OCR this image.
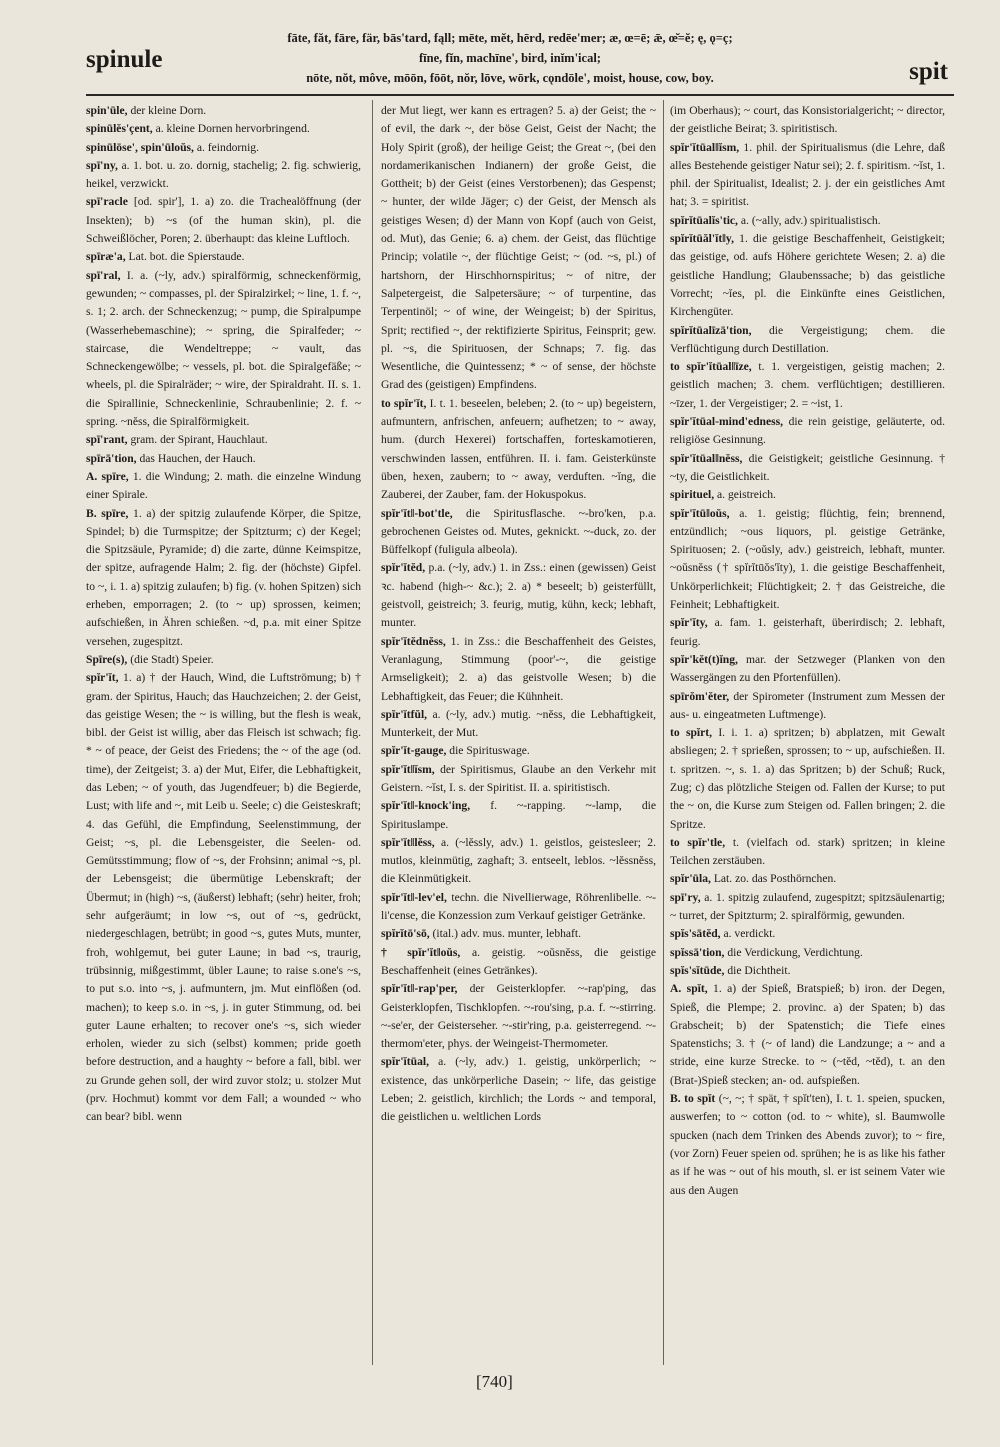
spinule
fāte, făt, fāre, fär, bās'tard, fąll; mēte, mĕt, hērd, redēe'mer; æ, œ=ē; ǣ, œ̆=ĕ; ę, ǫ=ç;
fīne, fĭn, machīne', bird, inĭm'ical;
nōte, nŏt, môve, mōōn, fōōt, nŏr, lōve, wōrk, cǫndōle', moist, house, cow, boy.	spit

spin'ūle, der kleine Dorn.

spinūlĕs'çent, a. kleine Dornen hervorbringend.

spinūlōse', spin'ūloŭs, a. feindornig.

spī'ny, a. 1. bot. u. zo. dornig, stachelig; 2. fig. schwierig, heikel, verzwickt.

spī'racle [od. spir'], 1. a) zo. die Trachealöffnung (der Insekten); b) ~s (of the human skin), pl. die Schweißlöcher, Poren; 2. überhaupt: das kleine Luftloch.

spīræ'a, Lat. bot. die Spierstaude.

spī'ral, I. a. (~ly, adv.) spiralförmig, schneckenförmig, gewunden; ~ compasses, pl. der Spiralzirkel; ~ line, 1. f. ~, s. 1; 2. arch. der Schneckenzug; ~ pump, die Spiralpumpe (Wasserhebemaschine); ~ spring, die Spiralfeder; ~ staircase, die Wendeltreppe; ~ vault, das Schneckengewölbe; ~ vessels, pl. bot. die Spiralgefäße; ~ wheels, pl. die Spiralräder; ~ wire, der Spiraldraht. II. s. 1. die Spirallinie, Schneckenlinie, Schraubenlinie; 2. f. ~ spring. ~nĕss, die Spiralförmigkeit.

spī'rant, gram. der Spirant, Hauchlaut.

spīrā'tion, das Hauchen, der Hauch.

A. spīre, 1. die Windung; 2. math. die einzelne Windung einer Spirale.

B. spīre, 1. a) der spitzig zulaufende Körper, die Spitze, Spindel; b) die Turmspitze; der Spitzturm; c) der Kegel; die Spitzsäule, Pyramide; d) die zarte, dünne Keimspitze, der spitze, aufragende Halm; 2. fig. der (höchste) Gipfel. to ~, i. 1. a) spitzig zulaufen; b) fig. (v. hohen Spitzen) sich erheben, emporragen; 2. (to ~ up) sprossen, keimen; aufschießen, in Ähren schießen. ~d, p.a. mit einer Spitze versehen, zugespitzt.

Spīre(s), (die Stadt) Speier.

spĭr'ĭt, 1. a) † der Hauch, Wind, die Luftströmung; b) † gram. der Spiritus, Hauch; das Hauchzeichen; 2. der Geist, das geistige Wesen; the ~ is willing, but the flesh is weak, bibl. der Geist ist willig, aber das Fleisch ist schwach; fig. * ~ of peace, der Geist des Friedens; the ~ of the age (od. time), der Zeitgeist; 3. a) der Mut, Eifer, die Lebhaftigkeit, das Leben; ~ of youth, das Jugendfeuer; b) die Begierde, Lust; with life and ~, mit Leib u. Seele; c) die Geisteskraft; 4. das Gefühl, die Empfindung, Seelenstimmung, der Geist; ~s, pl. die Lebensgeister, die Seelen- od. Gemütsstimmung; flow of ~s, der Frohsinn; animal ~s, pl. der Lebensgeist; die übermütige Lebenskraft; der Übermut; in (high) ~s, (äußerst) lebhaft; (sehr) heiter, froh; sehr aufgeräumt; in low ~s, out of ~s, gedrückt, niedergeschlagen, betrübt; in good ~s, gutes Muts, munter, froh, wohlgemut, bei guter Laune; in bad ~s, traurig, trübsinnig, mißgestimmt, übler Laune; to raise s.one's ~s, to put s.o. into ~s, j. aufmuntern, jm. Mut einflößen (od. machen); to keep s.o. in ~s, j. in guter Stimmung, od. bei guter Laune erhalten; to recover one's ~s, sich wieder erholen, wieder zu sich (selbst) kommen; pride goeth before destruction, and a haughty ~ before a fall, bibl. wer zu Grunde gehen soll, der wird zuvor stolz; u. stolzer Mut (prv. Hochmut) kommt vor dem Fall; a wounded ~ who can bear? bibl. wenn

der Mut liegt, wer kann es ertragen? 5. a) der Geist; the ~ of evil, the dark ~, der böse Geist, Geist der Nacht; the Holy Spirit (groß), der heilige Geist; the Great ~, (bei den nordamerikanischen Indianern) der große Geist, die Gottheit; b) der Geist (eines Verstorbenen); das Gespenst; ~ hunter, der wilde Jäger; c) der Geist, der Mensch als geistiges Wesen; d) der Mann von Kopf (auch von Geist, od. Mut), das Genie; 6. a) chem. der Geist, das flüchtige Princip; volatile ~, der flüchtige Geist; ~ (od. ~s, pl.) of hartshorn, der Hirschhornspiritus; ~ of nitre, der Salpetergeist, die Salpetersäure; ~ of turpentine, das Terpentinöl; ~ of wine, der Weingeist; b) der Spiritus, Sprit; rectified ~, der rektifizierte Spiritus, Feinsprit; gew. pl. ~s, die Spirituosen, der Schnaps; 7. fig. das Wesentliche, die Quintessenz; * ~ of sense, der höchste Grad des (geistigen) Empfindens.

to spĭr'ĭt, I. t. 1. beseelen, beleben; 2. (to ~ up) begeistern, aufmuntern, anfrischen, anfeuern; aufhetzen; to ~ away, hum. (durch Hexerei) fortschaffen, forteskamotieren, verschwinden lassen, entführen. II. i. fam. Geisterkünste üben, hexen, zaubern; to ~ away, verduften. ~ĭng, die Zauberei, der Zauber, fam. der Hokuspokus.

spĭr'ĭt‖-bot'tle, die Spiritusflasche. ~-bro'ken, p.a. gebrochenen Geistes od. Mutes, geknickt. ~-duck, zo. der Büffelkopf (fuligula albeola).

spĭr'ĭtĕd, p.a. (~ly, adv.) 1. in Zss.: einen (gewissen) Geist ꝛc. habend (high-~ &c.); 2. a) * beseelt; b) geisterfüllt, geistvoll, geistreich; 3. feurig, mutig, kühn, keck; lebhaft, munter.

spĭr'ĭtĕdnĕss, 1. in Zss.: die Beschaffenheit des Geistes, Veranlagung, Stimmung (poor'-~, die geistige Armseligkeit); 2. a) das geistvolle Wesen; b) die Lebhaftigkeit, das Feuer; die Kühnheit.

spĭr'ĭtfŭl, a. (~ly, adv.) mutig. ~nĕss, die Lebhaftigkeit, Munterkeit, der Mut.

spĭr'ĭt-gauge, die Spirituswage.

spĭr'ĭt‖ĭsm, der Spiritismus, Glaube an den Verkehr mit Geistern. ~ĭst, I. s. der Spiritist. II. a. spiritistisch.

spĭr'ĭt‖-knock'ing, f. ~-rapping. ~-lamp, die Spirituslampe.

spĭr'ĭt‖lĕss, a. (~lĕssly, adv.) 1. geistlos, geistesleer; 2. mutlos, kleinmütig, zaghaft; 3. entseelt, leblos. ~lĕssnĕss, die Kleinmütigkeit.

spĭr'ĭt‖-lev'el, techn. die Nivellierwage, Röhrenlibelle. ~-li'cense, die Konzession zum Verkauf geistiger Getränke.

spĭrĭtō'sō, (ital.) adv. mus. munter, lebhaft.

† spĭr'ĭt‖oŭs, a. geistig. ~oŭsnĕss, die geistige Beschaffenheit (eines Getränkes).

spĭr'ĭt‖-rap'per, der Geisterklopfer. ~-rap'ping, das Geisterklopfen, Tischklopfen. ~-rou'sing, p.a. f. ~-stirring. ~-se'er, der Geisterseher. ~-stir'ring, p.a. geisterregend. ~-thermom'eter, phys. der Weingeist-Thermometer.

spĭr'ĭtūal, a. (~ly, adv.) 1. geistig, unkörperlich; ~ existence, das unkörperliche Dasein; ~ life, das geistige Leben; 2. geistlich, kirchlich; the Lords ~ and temporal, die geistlichen u. weltlichen Lords

(im Oberhaus); ~ court, das Konsistorialgericht; ~ director, der geistliche Beirat; 3. spiritistisch.

spĭr'ĭtūal‖ĭsm, 1. phil. der Spiritualismus (die Lehre, daß alles Bestehende geistiger Natur sei); 2. f. spiritism. ~ĭst, 1. phil. der Spiritualist, Idealist; 2. j. der ein geistliches Amt hat; 3. = spiritist.

spĭrĭtūalĭs'tic, a. (~ally, adv.) spiritualistisch.

spĭrĭtūăl'ĭt‖y, 1. die geistige Beschaffenheit, Geistigkeit; das geistige, od. aufs Höhere gerichtete Wesen; 2. a) die geistliche Handlung; Glaubenssache; b) das geistliche Vorrecht; ~ĭes, pl. die Einkünfte eines Geistlichen, Kirchengüter.

spĭrĭtūalīzā'tion, die Vergeistigung; chem. die Verflüchtigung durch Destillation.

to spĭr'ĭtūal‖īze, t. 1. vergeistigen, geistig machen; 2. geistlich machen; 3. chem. verflüchtigen; destillieren. ~īzer, 1. der Vergeistiger; 2. = ~ist, 1.

spĭr'ĭtūal-mind'edness, die rein geistige, geläuterte, od. religiöse Gesinnung.

spĭr'ĭtūal‖nĕss, die Geistigkeit; geistliche Gesinnung. † ~ty, die Geistlichkeit.

spirituel, a. geistreich.

spĭr'ĭtū‖oŭs, a. 1. geistig; flüchtig, fein; brennend, entzündlich; ~ous liquors, pl. geistige Getränke, Spirituosen; 2. (~oŭsly, adv.) geistreich, lebhaft, munter. ~oŭsnĕss († spĭrĭtūŏs'ĭty), 1. die geistige Beschaffenheit, Unkörperlichkeit; Flüchtigkeit; 2. † das Geistreiche, die Feinheit; Lebhaftigkeit.

spĭr'ĭty, a. fam. 1. geisterhaft, überirdisch; 2. lebhaft, feurig.

spĭr'kĕt(t)ĭng, mar. der Setzweger (Planken von den Wassergängen zu den Pfortenfüllen).

spīrŏm'ĕter, der Spirometer (Instrument zum Messen der aus- u. eingeatmeten Luftmenge).

to spĭrt, I. i. 1. a) spritzen; b) abplatzen, mit Gewalt absliegen; 2. † sprießen, sprossen; to ~ up, aufschießen. II. t. spritzen. ~, s. 1. a) das Spritzen; b) der Schuß; Ruck, Zug; c) das plötzliche Steigen od. Fallen der Kurse; to put the ~ on, die Kurse zum Steigen od. Fallen bringen; 2. die Spritze.

to spĭr'tle, t. (vielfach od. stark) spritzen; in kleine Teilchen zerstäuben.

spĭr'ūla, Lat. zo. das Posthörnchen.

spī'ry, a. 1. spitzig zulaufend, zugespitzt; spitzsäulenartig; ~ turret, der Spitzturm; 2. spiralförmig, gewunden.

spĭs'sātĕd, a. verdickt.

spĭssā'tion, die Verdickung, Verdichtung.

spĭs'sĭtūde, die Dichtheit.

A. spĭt, 1. a) der Spieß, Bratspieß; b) iron. der Degen, Spieß, die Plempe; 2. provinc. a) der Spaten; b) das Grabscheit; b) der Spatenstich; die Tiefe eines Spatenstichs; 3. † (~ of land) die Landzunge; a ~ and a stride, eine kurze Strecke. to ~ (~tĕd, ~tĕd), t. an den (Brat-)Spieß stecken; an- od. aufspießen.

B. to spĭt (~, ~; † spät, † spĭt'ten), I. t. 1. speien, spucken, auswerfen; to ~ cotton (od. to ~ white), sl. Baumwolle spucken (nach dem Trinken des Abends zuvor); to ~ fire, (vor Zorn) Feuer speien od. sprühen; he is as like his father as if he was ~ out of his mouth, sl. er ist seinem Vater wie aus den Augen

[740]
